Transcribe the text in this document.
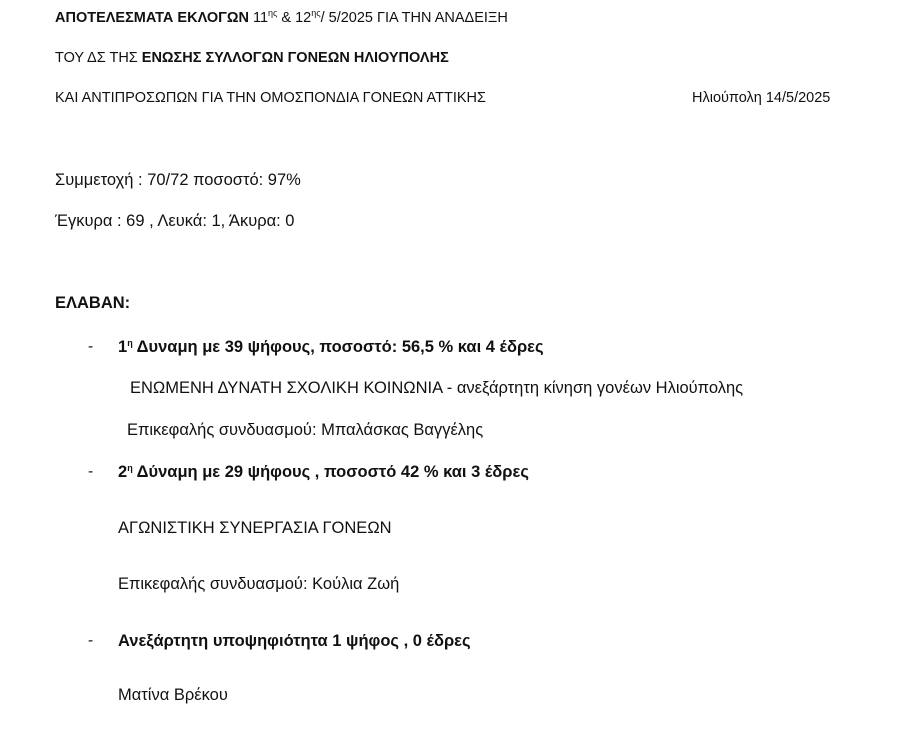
ΑΠΟΤΕΛΕΣΜΑΤΑ ΕΚΛΟΓΩΝ $11^{\eta\varsigma}$ & $12^{\eta\varsigma}/$ 5/2025 ΓΙΑ ΤΗΝ ΑΝΑΔΕΙΞΗ
ΤΟΥ ΔΣ ΤΗΣ ΕΝΩΣΗΣ ΣΥΛΛΟΓΩΝ ΓΟΝΕΩΝ ΗΛΙΟΥΠΟΛΗΣ
ΚΑΙ ΑΝΤΙΠΡΟΣΩΠΩΝ ΓΙΑ ΤΗΝ ΟΜΟΣΠΟΝΔΙΑ ΓΟΝΕΩΝ ΑΤΤΙΚΗΣ	Ηλιούπολη 14/5/2025
Συμμετοχή : 70/72 ποσοστό: 97%
Έγκυρα : 69 , Λευκά: 1, Άκυρα: 0
ΕΛΑΒΑΝ:
- $1^\eta$ Δυναμη με 39 ψήφους, ποσοστό: 56,5 % και 4 έδρες
ΕΝΩΜΕΝΗ ΔΥΝΑΤΗ ΣΧΟΛΙΚΗ ΚΟΙΝΩΝΙΑ - ανεξάρτητη κίνηση γονέων Ηλιούπολης
Επικεφαλής συνδυασμού: Μπαλάσκας Βαγγέλης
- $2^\eta$ Δύναμη με 29 ψήφους , ποσοστό 42 % και 3 έδρες
ΑΓΩΝΙΣΤΙΚΗ ΣΥΝΕΡΓΑΣΙΑ ΓΟΝΕΩΝ
Επικεφαλής συνδυασμού: Κούλια Ζωή
- Ανεξάρτητη υποψηφιότητα 1 ψήφος , 0 έδρες
Ματίνα Βρέκου
